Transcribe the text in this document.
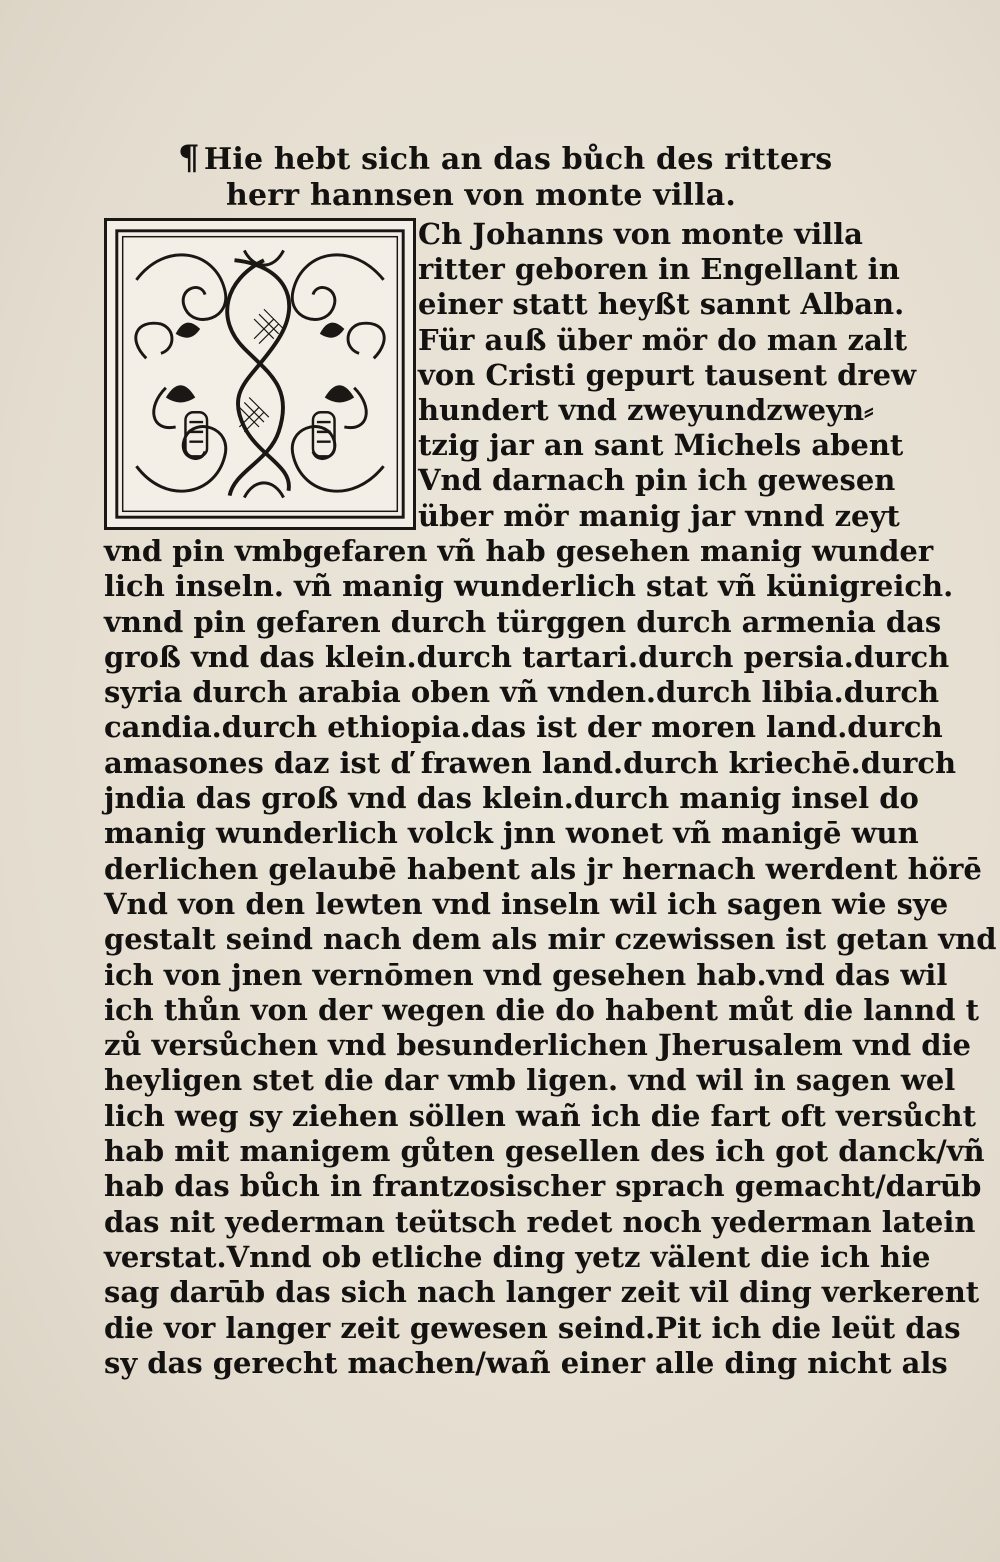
¶ Hie hebt sich an das bůch des ritters
herr hannsen von monte villa.
Ch Johanns von monte villa
ritter geboren in Engellant in
einer statt heyßt sannt Alban.
Für auß über mör do man zalt
von Cristi gepurt tausent drew
hundert vnd zweyundzweyn⸗
tzig jar an sant Michels abent
Vnd darnach pin ich gewesen
über mör manig jar vnnd zeyt
vnd pin vmbgefaren vñ hab gesehen manig wunder
lich inseln. vñ manig wunderlich stat vñ künigreich.
vnnd pin gefaren durch türggen durch armenia das
groß vnd das klein.durch tartari.durch persia.durch
syria durch arabia oben vñ vnden.durch libia.durch
candia.durch ethiopia.das ist der moren land.durch
amasones daz ist ď frawen land.durch kriechē.durch
jndia das groß vnd das klein.durch manig insel do
manig wunderlich volck jnn wonet vñ manigē wun
derlichen gelaubē habent als jr hernach werdent hörē
Vnd von den lewten vnd inseln wil ich sagen wie sye
gestalt seind nach dem als mir czewissen ist getan vnd
ich von jnen vernōmen vnd gesehen hab.vnd das wil
ich thůn von der wegen die do habent můt die lannd t
zů versůchen vnd besunderlichen Jherusalem vnd die
heyligen stet die dar vmb ligen. vnd wil in sagen wel
lich weg sy ziehen söllen wañ ich die fart oft versůcht
hab mit manigem gůten gesellen des ich got danck/vñ
hab das bůch in frantzosischer sprach gemacht/darūb
das nit yederman teütsch redet noch yederman latein
verstat.Vnnd ob etliche ding yetz välent die ich hie
sag darūb das sich nach langer zeit vil ding verkerent
die vor langer zeit gewesen seind.Pit ich die leüt das
sy das gerecht machen/wañ einer alle ding nicht als
